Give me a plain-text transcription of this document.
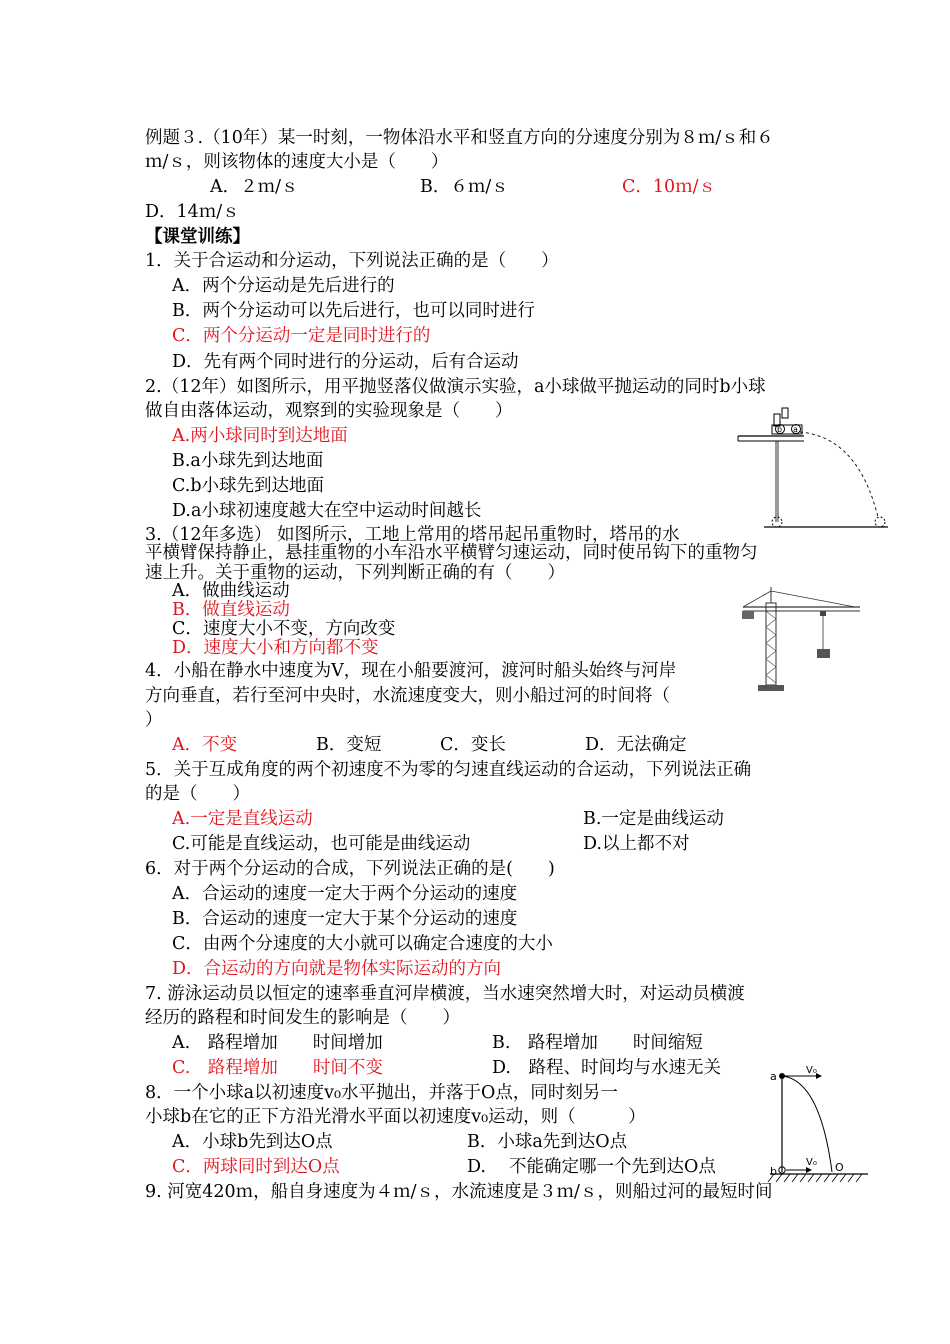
例题３.（10年）某一时刻，一物体沿水平和竖直方向的分速度分别为８ｍ/ｓ和６
ｍ/ｓ，则该物体的速度大小是（　　）
A．２ｍ/ｓ	B．６ｍ/ｓ	C．10ｍ/ｓ
D．14ｍ/ｓ
【课堂训练】
1．关于合运动和分运动，下列说法正确的是（　　）
A．两个分运动是先后进行的
B．两个分运动可以先后进行，也可以同时进行
C．两个分运动一定是同时进行的
D．先有两个同时进行的分运动，后有合运动
2.（12年）如图所示，用平抛竖落仪做演示实验，a小球做平抛运动的同时b小球
做自由落体运动，观察到的实验现象是（　　）
A.两小球同时到达地面
B.a小球先到达地面
C.b小球先到达地面
D.a小球初速度越大在空中运动时间越长
b a
3.（12年多选） 如图所示，工地上常用的塔吊起吊重物时，塔吊的水
平横臂保持静止，悬挂重物的小车沿水平横臂匀速运动，同时使吊钩下的重物匀
速上升。关于重物的运动，下列判断正确的有（　　）
A．做曲线运动
B．做直线运动
C．速度大小不变，方向改变
D．速度大小和方向都不变
4．小船在静水中速度为V，现在小船要渡河，渡河时船头始终与河岸
方向垂直，若行至河中央时，水流速度变大，则小船过河的时间将（
）
A．不变	B．变短	C．变长	D．无法确定
5．关于互成角度的两个初速度不为零的匀速直线运动的合运动，下列说法正确
的是（　　）
A.一定是直线运动	B.一定是曲线运动
C.可能是直线运动，也可能是曲线运动	D.以上都不对
6．对于两个分运动的合成，下列说法正确的是(　　)
A．合运动的速度一定大于两个分运动的速度
B．合运动的速度一定大于某个分运动的速度
C．由两个分速度的大小就可以确定合速度的大小
D．合运动的方向就是物体实际运动的方向
7. 游泳运动员以恒定的速率垂直河岸横渡，当水速突然增大时，对运动员横渡
经历的路程和时间发生的影响是（　　）
A.　路程增加　　时间增加	B.　路程增加　　时间缩短
C.　路程增加　　时间不变	D.　路程、时间均与水速无关
8．一个小球a以初速度v₀水平抛出，并落于O点，同时刻另一
小球b在它的正下方沿光滑水平面以初速度v₀运动，则（　　　）
A．小球b先到达O点	B．小球a先到达O点
C．两球同时到达O点	D.　 不能确定哪一个先到达O点
a	V₀
b
V₀ O
9. 河宽420ｍ，船自身速度为４ｍ/ｓ，水流速度是３ｍ/ｓ，则船过河的最短时间
